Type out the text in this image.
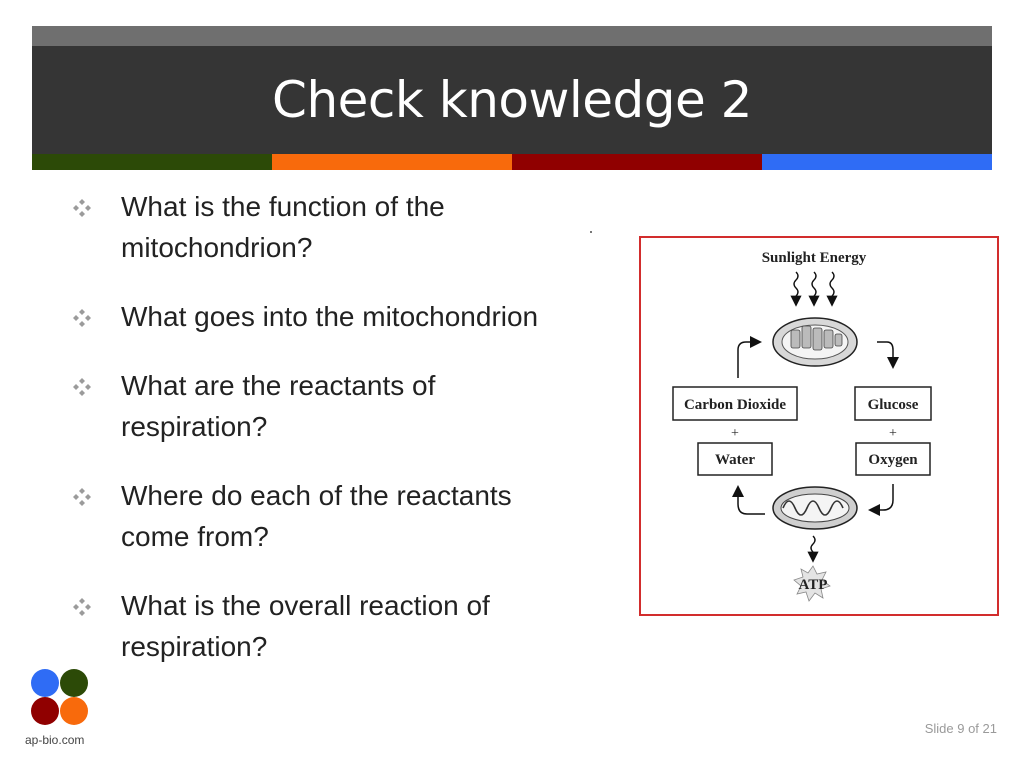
Check knowledge 2
What is the function of the mitochondrion?
What goes into the mitochondrion
What are the reactants of respiration?
Where do each of the reactants come from?
What is the overall reaction of respiration?
Sunlight Energy
Carbon Dioxide	Glucose
+	+
Water	Oxygen
ATP
ap-bio.com
Slide 9 of 21
